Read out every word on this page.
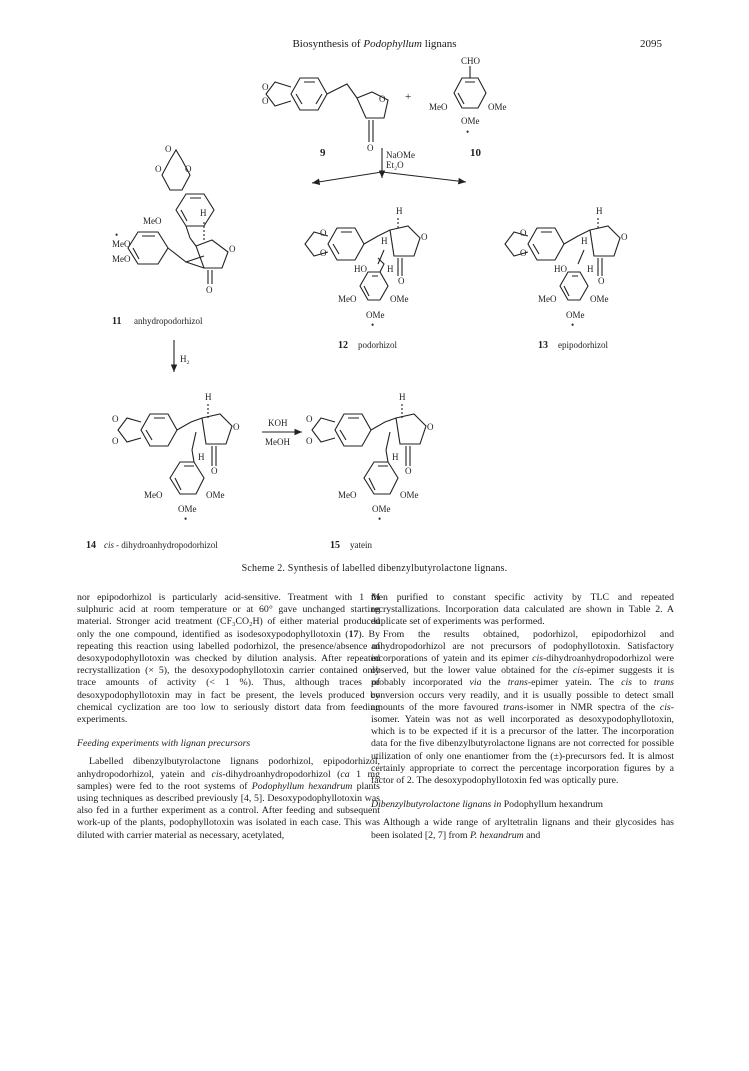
Biosynthesis of Podophyllum lignans	2095
O
O	O
O
9
+
CHO
MeO	OMe
OMe
•
10
NaOMe
Et₂O
O
O	O
H
MeO
•
MeO
MeO
O
O
11 anhydropodorhizol
O
O
H
H	O
HO H
O
MeO	OMe
OMe
•
12 podorhizol
O
O
H
H	O
HO H
O
MeO	OMe
OMe
•
13 epipodorhizol
H₂
O
O
H
O
H
O
MeO	OMe
OMe
•
KOH
MeOH
O
O
H
O
H
O
MeO	OMe
OMe
•
14 cis - dihydroanhydropodorhizol	15 yatein
Scheme 2. Synthesis of labelled dibenzylbutyrolactone lignans.

nor epipodorhizol is particularly acid-sensitive. Treatment with 1 M sulphuric acid at room temperature or at 60° gave unchanged starting material. Stronger acid treatment (CF₃CO₂H) of either material produced only the one compound, identified as isodesoxypodophyllotoxin (17). By repeating this reaction using labelled podorhizol, the presence/absence of desoxypodophyllotoxin was checked by dilution analysis. After repeated recrystallization (× 5), the desoxypodophyllotoxin carrier contained only trace amounts of activity (< 1 %). Thus, although traces of desoxypodophyllotoxin may in fact be present, the levels produced by chemical cyclization are too low to seriously distort data from feeding experiments.

Feeding experiments with lignan precursors

Labelled dibenzylbutyrolactone lignans podorhizol, epipodorhizol, anhydropodorhizol, yatein and cis-dihydroanhydropodorhizol (ca 1 mg samples) were fed to the root systems of Podophyllum hexandrum plants using techniques as described previously [4, 5]. Desoxypodophyllotoxin was also fed in a further experiment as a control. After feeding and subsequent work-up of the plants, podophyllotoxin was isolated in each case. This was diluted with carrier material as necessary, acetylated,

then purified to constant specific activity by TLC and repeated recrystallizations. Incorporation data calculated are shown in Table 2. A duplicate set of experiments was performed.

From the results obtained, podorhizol, epipodorhizol and anhydropodorhizol are not precursors of podophyllotoxin. Satisfactory incorporations of yatein and its epimer cis-dihydroanhydropodorhizol were observed, but the lower value obtained for the cis-epimer suggests it is probably incorporated via the trans-epimer yatein. The cis to trans conversion occurs very readily, and it is usually possible to detect small amounts of the more favoured trans-isomer in NMR spectra of the cis-isomer. Yatein was not as well incorporated as desoxypodophyllotoxin, which is to be expected if it is a precursor of the latter. The incorporation data for the five dibenzylbutyrolactone lignans are not corrected for possible utilization of only one enantiomer from the (±)-precursors fed. It is almost certainly appropriate to correct the percentage incorporation figures by a factor of 2. The desoxypodophyllotoxin fed was optically pure.

Dibenzylbutyrolactone lignans in Podophyllum hexandrum

Although a wide range of aryltetralin lignans and their glycosides has been isolated [2, 7] from P. hexandrum and
